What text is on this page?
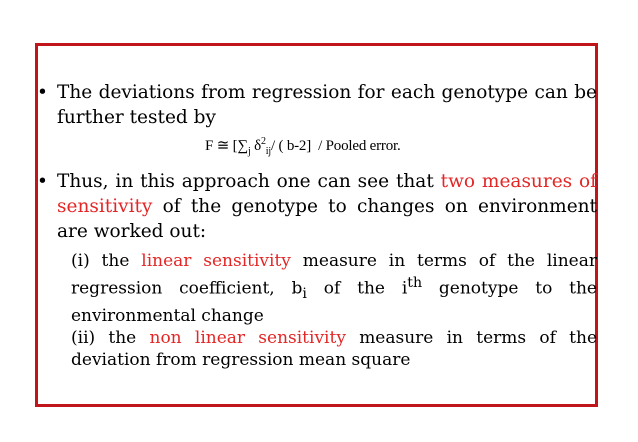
• The deviations from regression for each genotype can be further tested by
F ≅ [$\sum_j$ $\delta^2_{ij}/$ ( b-2] / Pooled error.
• Thus, in this approach one can see that two measures of sensitivity of the genotype to changes on environment are worked out:
(i) the linear sensitivity measure in terms of the linear regression coefficient, $b_i$ of the $i^{th}$ genotype to the environmental change
(ii) the non linear sensitivity measure in terms of the deviation from regression mean square
